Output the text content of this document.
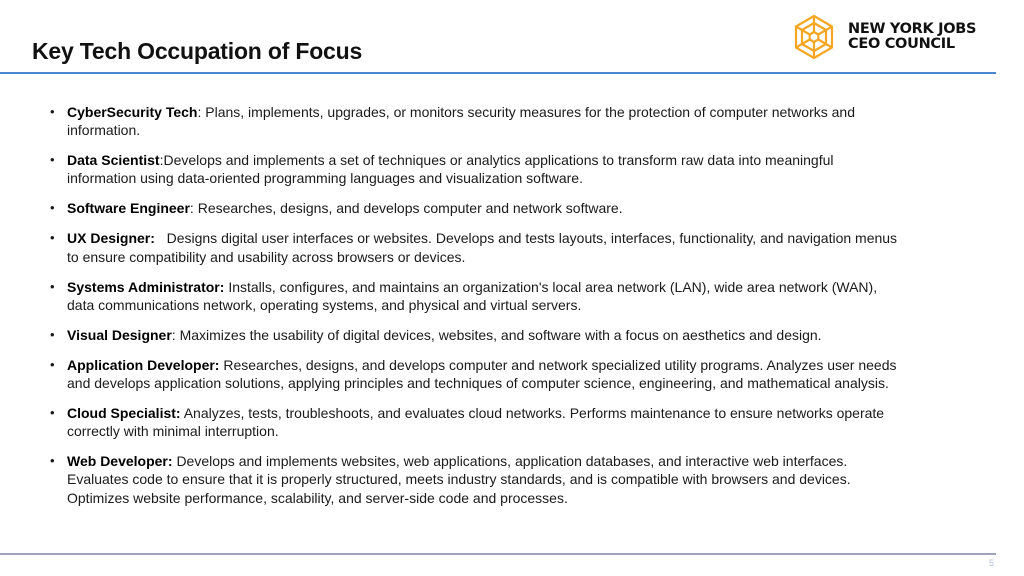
Key Tech Occupation of Focus
NEW YORK JOBS
CEO COUNCIL
• CyberSecurity Tech: Plans, implements, upgrades, or monitors security measures for the protection of computer networks and information.
• Data Scientist:Develops and implements a set of techniques or analytics applications to transform raw data into meaningful information using data-oriented programming languages and visualization software.
• Software Engineer: Researches, designs, and develops computer and network software.
• UX Designer: Designs digital user interfaces or websites. Develops and tests layouts, interfaces, functionality, and navigation menus to ensure compatibility and usability across browsers or devices.
• Systems Administrator: Installs, configures, and maintains an organization's local area network (LAN), wide area network (WAN), data communications network, operating systems, and physical and virtual servers.
• Visual Designer: Maximizes the usability of digital devices, websites, and software with a focus on aesthetics and design.
• Application Developer: Researches, designs, and develops computer and network specialized utility programs. Analyzes user needs and develops application solutions, applying principles and techniques of computer science, engineering, and mathematical analysis.
• Cloud Specialist: Analyzes, tests, troubleshoots, and evaluates cloud networks. Performs maintenance to ensure networks operate correctly with minimal interruption.
• Web Developer: Develops and implements websites, web applications, application databases, and interactive web interfaces. Evaluates code to ensure that it is properly structured, meets industry standards, and is compatible with browsers and devices. Optimizes website performance, scalability, and server-side code and processes.
5
